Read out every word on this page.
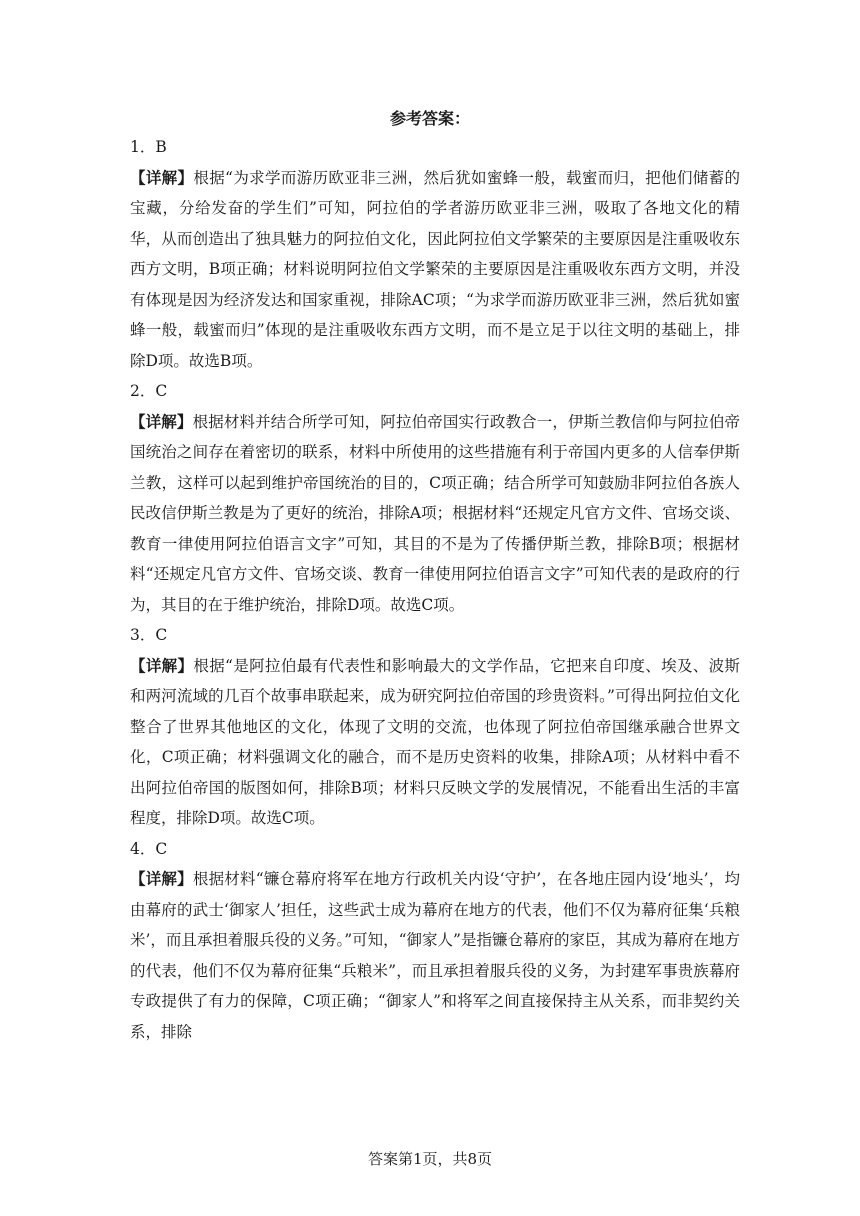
参考答案：

1．B

【详解】根据“为求学而游历欧亚非三洲，然后犹如蜜蜂一般，载蜜而归，把他们储蓄的宝藏，分给发奋的学生们”可知，阿拉伯的学者游历欧亚非三洲，吸取了各地文化的精华，从而创造出了独具魅力的阿拉伯文化，因此阿拉伯文学繁荣的主要原因是注重吸收东西方文明，B项正确；材料说明阿拉伯文学繁荣的主要原因是注重吸收东西方文明，并没有体现是因为经济发达和国家重视，排除AC项；“为求学而游历欧亚非三洲，然后犹如蜜蜂一般，载蜜而归”体现的是注重吸收东西方文明，而不是立足于以往文明的基础上，排除D项。故选B项。

2．C

【详解】根据材料并结合所学可知，阿拉伯帝国实行政教合一，伊斯兰教信仰与阿拉伯帝国统治之间存在着密切的联系，材料中所使用的这些措施有利于帝国内更多的人信奉伊斯兰教，这样可以起到维护帝国统治的目的，C项正确；结合所学可知鼓励非阿拉伯各族人民改信伊斯兰教是为了更好的统治，排除A项；根据材料“还规定凡官方文件、官场交谈、教育一律使用阿拉伯语言文字”可知，其目的不是为了传播伊斯兰教，排除B项；根据材料“还规定凡官方文件、官场交谈、教育一律使用阿拉伯语言文字”可知代表的是政府的行为，其目的在于维护统治，排除D项。故选C项。

3．C

【详解】根据“是阿拉伯最有代表性和影响最大的文学作品，它把来自印度、埃及、波斯和两河流域的几百个故事串联起来，成为研究阿拉伯帝国的珍贵资料。”可得出阿拉伯文化整合了世界其他地区的文化，体现了文明的交流，也体现了阿拉伯帝国继承融合世界文化，C项正确；材料强调文化的融合，而不是历史资料的收集，排除A项；从材料中看不出阿拉伯帝国的版图如何，排除B项；材料只反映文学的发展情况，不能看出生活的丰富程度，排除D项。故选C项。

4．C

【详解】根据材料“镰仓幕府将军在地方行政机关内设‘守护’，在各地庄园内设‘地头’，均由幕府的武士‘御家人’担任，这些武士成为幕府在地方的代表，他们不仅为幕府征集‘兵粮米’，而且承担着服兵役的义务。”可知，“御家人”是指镰仓幕府的家臣，其成为幕府在地方的代表，他们不仅为幕府征集“兵粮米”，而且承担着服兵役的义务，为封建军事贵族幕府专政提供了有力的保障，C项正确；“御家人”和将军之间直接保持主从关系，而非契约关系，排除

答案第1页，共8页
